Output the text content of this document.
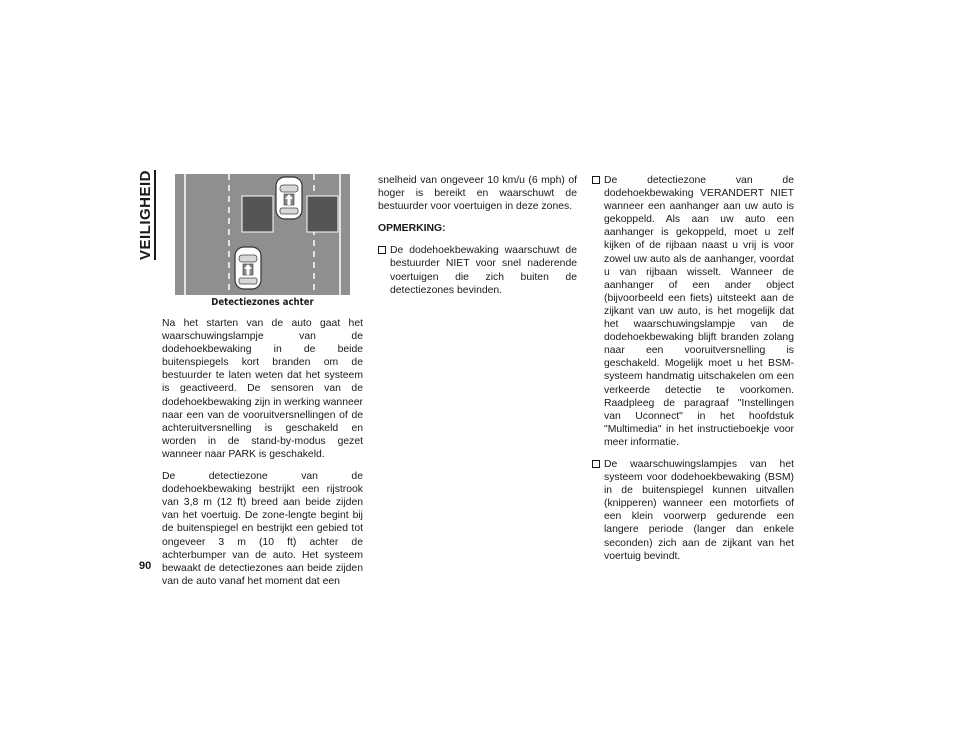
VEILIGHEID
Detectiezones achter

Na het starten van de auto gaat het waarschuwingslampje van de dodehoekbewaking in de beide buitenspiegels kort branden om de bestuurder te laten weten dat het systeem is geactiveerd. De sensoren van de dodehoekbewaking zijn in werking wanneer naar een van de vooruitversnellingen of de achteruitversnelling is geschakeld en worden in de stand-by-modus gezet wanneer naar PARK is geschakeld.

De detectiezone van de dodehoekbewaking bestrijkt een rijstrook van 3,8 m (12 ft) breed aan beide zijden van het voertuig. De zone-lengte begint bij de buitenspiegel en bestrijkt een gebied tot ongeveer 3 m (10 ft) achter de achterbumper van de auto. Het systeem bewaakt de detectiezones aan beide zijden van de auto vanaf het moment dat een

snelheid van ongeveer 10 km/u (6 mph) of hoger is bereikt en waarschuwt de bestuurder voor voertuigen in deze zones.

OPMERKING:
De dodehoekbewaking waarschuwt de bestuurder NIET voor snel naderende voertuigen die zich buiten de detectiezones bevinden.
De detectiezone van de dodehoekbewaking VERANDERT NIET wanneer een aanhanger aan uw auto is gekoppeld. Als aan uw auto een aanhanger is gekoppeld, moet u zelf kijken of de rijbaan naast u vrij is voor zowel uw auto als de aanhanger, voordat u van rijbaan wisselt. Wanneer de aanhanger of een ander object (bijvoorbeeld een fiets) uitsteekt aan de zijkant van uw auto, is het mogelijk dat het waarschuwingslampje van de dodehoekbewaking blijft branden zolang naar een vooruitversnelling is geschakeld. Mogelijk moet u het BSM-systeem handmatig uitschakelen om een verkeerde detectie te voorkomen. Raadpleeg de paragraaf "Instellingen van Uconnect" in het hoofdstuk "Multimedia" in het instructieboekje voor meer informatie.
De waarschuwingslampjes van het systeem voor dodehoekbewaking (BSM) in de buitenspiegel kunnen uitvallen (knipperen) wanneer een motorfiets of een klein voorwerp gedurende een langere periode (langer dan enkele seconden) zich aan de zijkant van het voertuig bevindt.
90
